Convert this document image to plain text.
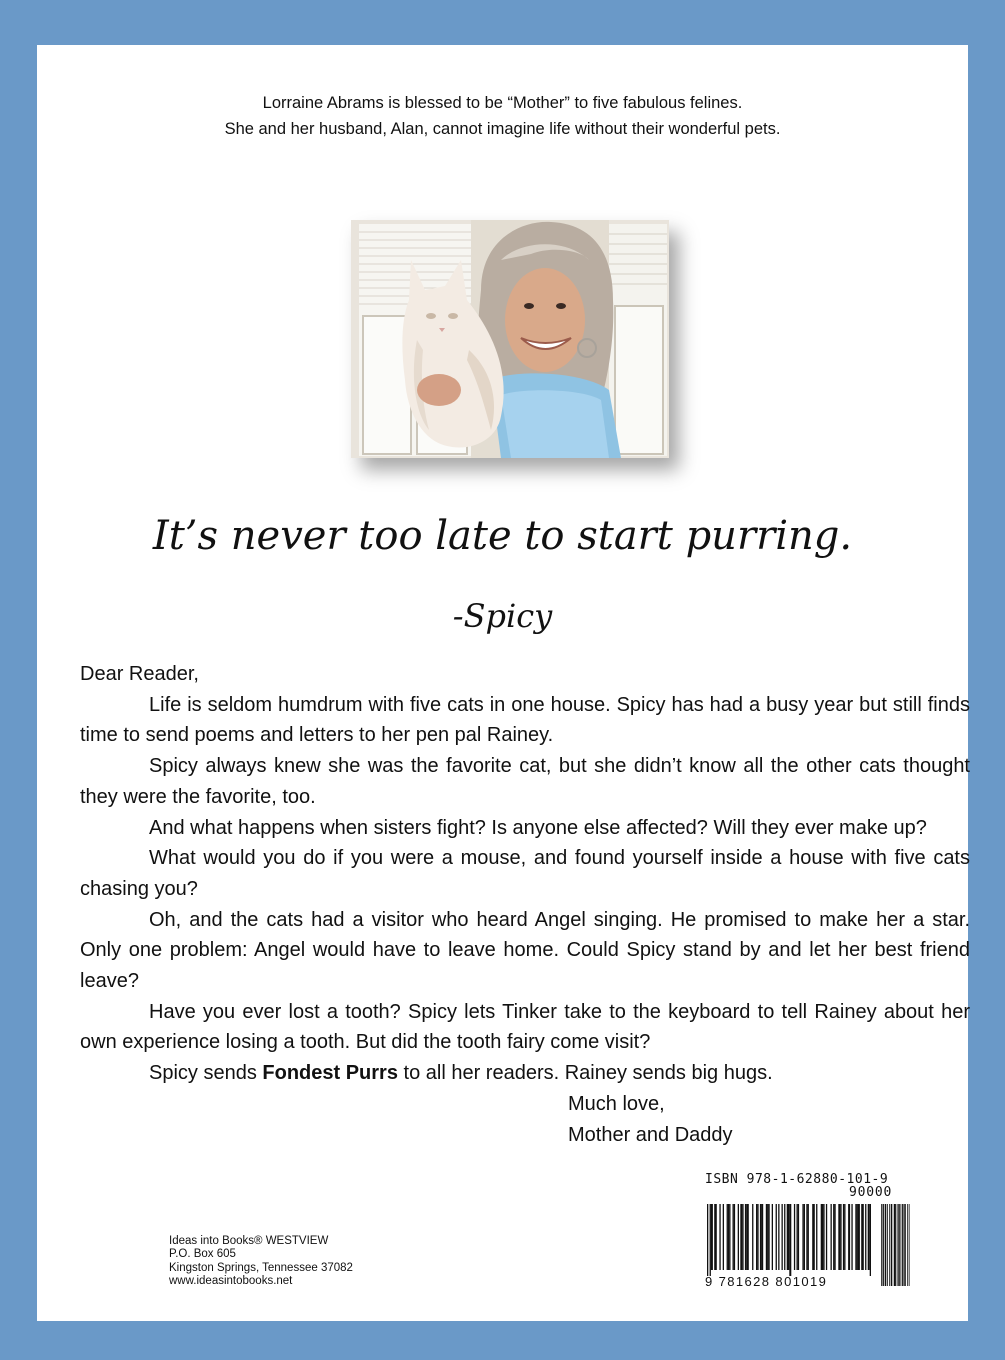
Lorraine Abrams is blessed to be “Mother” to five fabulous felines.
She and her husband, Alan, cannot imagine life without their wonderful pets.
It’s never too late to start purring.
-Spicy

Dear Reader,

Life is seldom humdrum with five cats in one house. Spicy has had a busy year but still finds time to send poems and letters to her pen pal Rainey.

Spicy always knew she was the favorite cat, but she didn’t know all the other cats thought they were the favorite, too.

And what happens when sisters fight? Is anyone else affected? Will they ever make up?

What would you do if you were a mouse, and found yourself inside a house with five cats chasing you?

Oh, and the cats had a visitor who heard Angel singing. He promised to make her a star. Only one problem: Angel would have to leave home. Could Spicy stand by and let her best friend leave?

Have you ever lost a tooth? Spicy lets Tinker take to the keyboard to tell Rainey about her own experience losing a tooth. But did the tooth fairy come visit?

Spicy sends Fondest Purrs to all her readers. Rainey sends big hugs.

Much love,

Mother and Daddy

Ideas into Books® WESTVIEW
P.O. Box 605
Kingston Springs, Tennessee 37082
www.ideasintobooks.net
ISBN 978-1-62880-101-9
90000
9 781628 801019
